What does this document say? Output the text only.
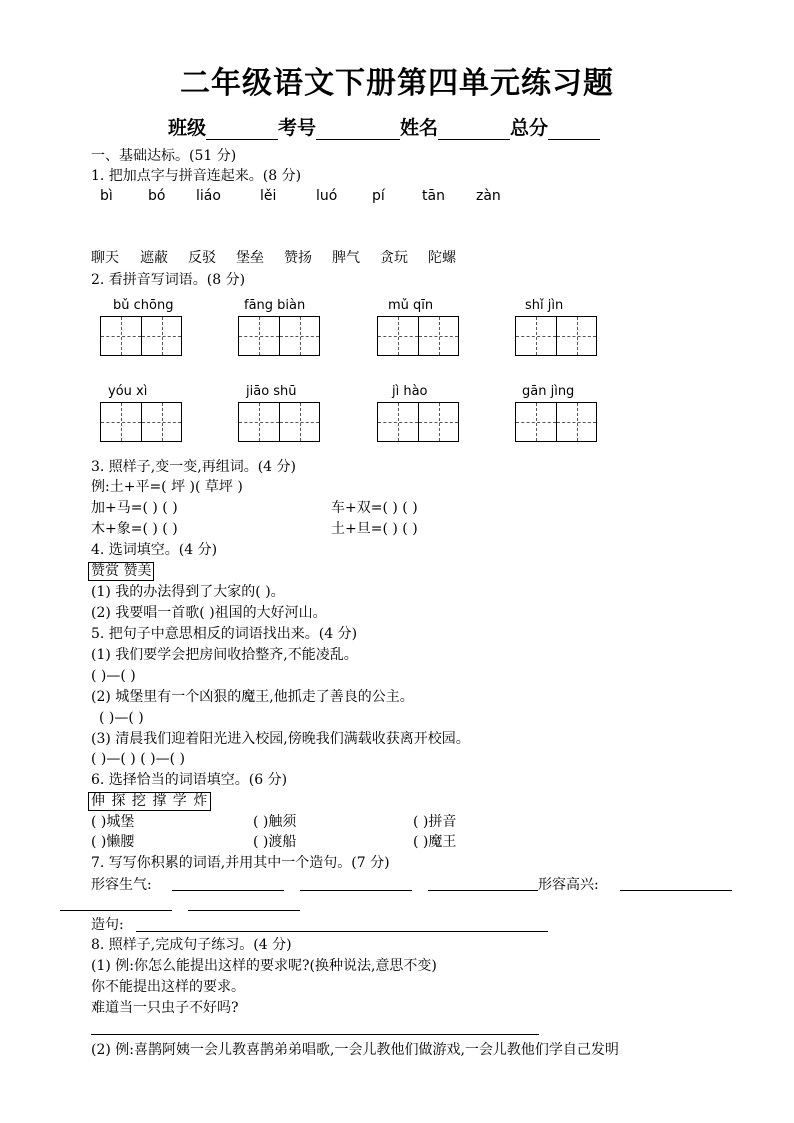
二年级语文下册第四单元练习题
班级	考号	姓名	总分
一、基础达标。(51 分)
1. 把加点字与拼音连起来。(8 分)
bì	bó liáo	lěi	luó pí	tān zàn
聊天 遮蔽 反驳 堡垒 赞扬 脾气 贪玩 陀螺
2. 看拼音写词语。(8 分)
bǔ chōng	fāng biàn	mǔ qīn	shǐ jìn
yóu xì	jiāo shū	jì hào	gān jìng
3. 照样子,变一变,再组词。(4 分)
例:土+平=( 坪 )( 草坪 )
加+马=( ) ( )	车+双=( ) ( )
木+象=( ) ( )	土+旦=( ) ( )
4. 选词填空。(4 分)
赞赏 赞美
(1) 我的办法得到了大家的( )。
(2) 我要唱一首歌( )祖国的大好河山。
5. 把句子中意思相反的词语找出来。(4 分)
(1) 我们要学会把房间收拾整齐,不能凌乱。
( )—( )
(2) 城堡里有一个凶狠的魔王,他抓走了善良的公主。
( )—( )
(3) 清晨我们迎着阳光进入校园,傍晚我们满载收获离开校园。
( )—( ) ( )—( )
6. 选择恰当的词语填空。(6 分)
伸 探 挖 撑 学 炸
( )城堡	( )触须	( )拼音
( )懒腰	( )渡船	( )魔王
7. 写写你积累的词语,并用其中一个造句。(7 分)
形容生气:	形容高兴:
造句:
8. 照样子,完成句子练习。(4 分)
(1) 例:你怎么能提出这样的要求呢?(换种说法,意思不变)
你不能提出这样的要求。
难道当一只虫子不好吗?
(2) 例:喜鹊阿姨一会儿教喜鹊弟弟唱歌,一会儿教他们做游戏,一会儿教他们学自己发明
